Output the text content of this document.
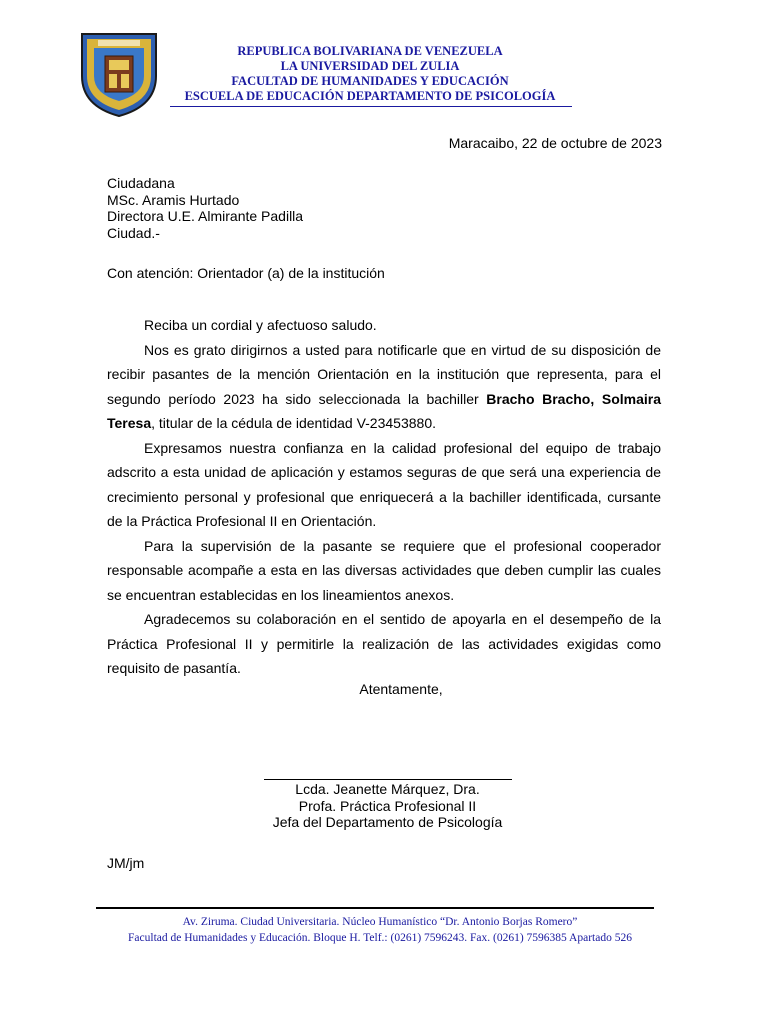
REPUBLICA BOLIVARIANA DE VENEZUELA
LA UNIVERSIDAD DEL ZULIA
FACULTAD DE HUMANIDADES Y EDUCACIÓN
ESCUELA DE EDUCACIÓN DEPARTAMENTO DE PSICOLOGÍA
Maracaibo, 22 de octubre de 2023
Ciudadana
MSc. Aramis Hurtado
Directora U.E. Almirante Padilla
Ciudad.-
Con atención: Orientador (a) de la institución

Reciba un cordial y afectuoso saludo.

Nos es grato dirigirnos a usted para notificarle que en virtud de su disposición de recibir pasantes de la mención Orientación en la institución que representa, para el segundo período 2023 ha sido seleccionada la bachiller Bracho Bracho, Solmaira Teresa, titular de la cédula de identidad V-23453880.

Expresamos nuestra confianza en la calidad profesional del equipo de trabajo adscrito a esta unidad de aplicación y estamos seguras de que será una experiencia de crecimiento personal y profesional que enriquecerá a la bachiller identificada, cursante de la Práctica Profesional II en Orientación.

Para la supervisión de la pasante se requiere que el profesional cooperador responsable acompañe a esta en las diversas actividades que deben cumplir las cuales se encuentran establecidas en los lineamientos anexos.

Agradecemos su colaboración en el sentido de apoyarla en el desempeño de la Práctica Profesional II y permitirle la realización de las actividades exigidas como requisito de pasantía.

Atentamente,
Lcda. Jeanette Márquez, Dra.
Profa. Práctica Profesional II
Jefa del Departamento de Psicología
JM/jm
Av. Ziruma. Ciudad Universitaria. Núcleo Humanístico “Dr. Antonio Borjas Romero”
Facultad de Humanidades y Educación. Bloque H. Telf.: (0261) 7596243. Fax. (0261) 7596385 Apartado 526
